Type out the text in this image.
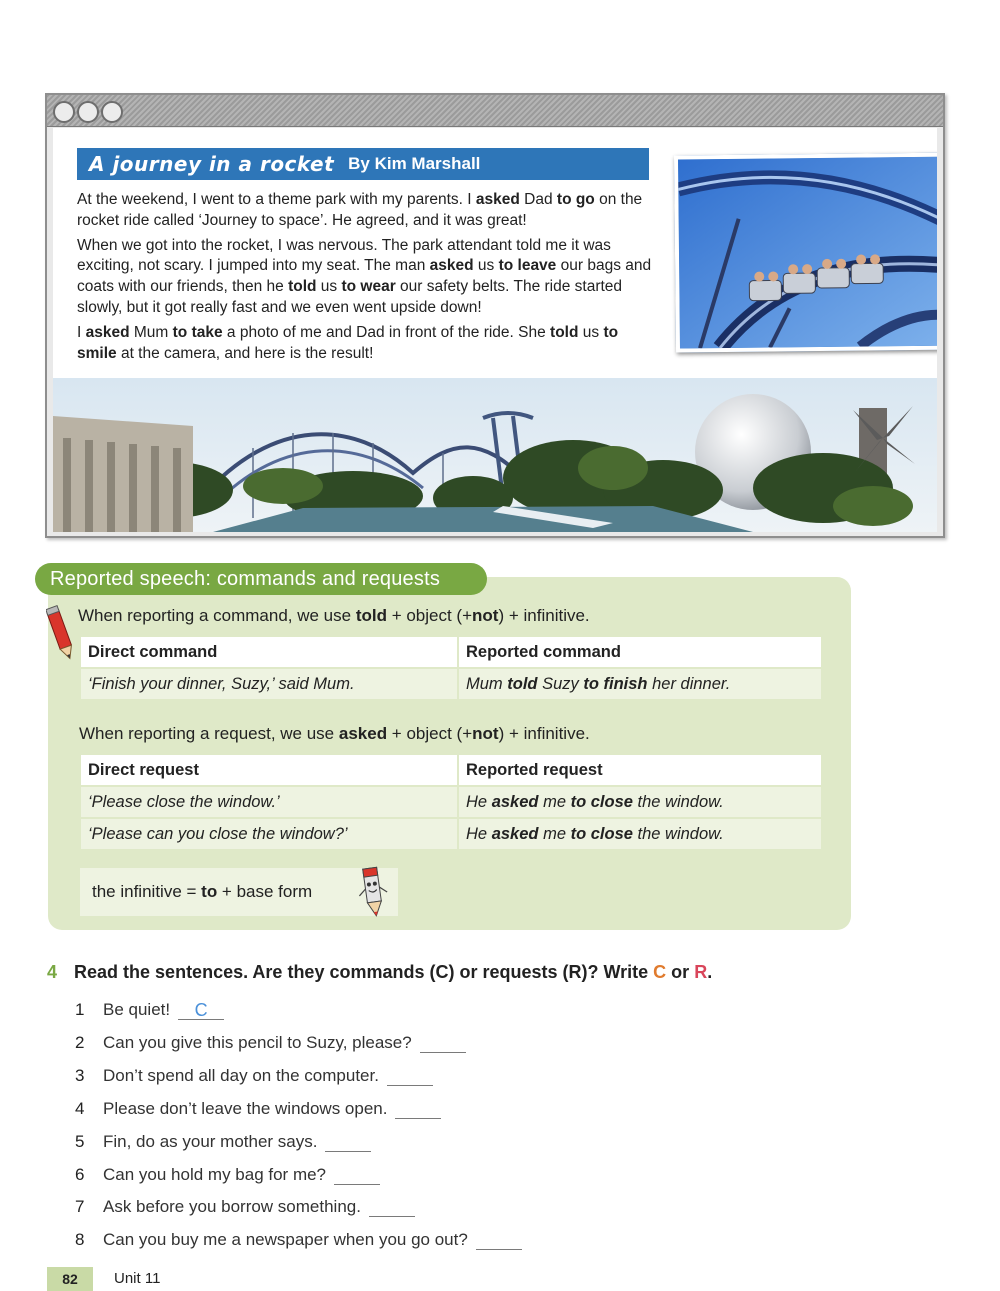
A journey in a rocket By Kim Marshall

At the weekend, I went to a theme park with my parents. I asked Dad to go on the rocket ride called ‘Journey to space’. He agreed, and it was great!

When we got into the rocket, I was nervous. The park attendant told me it was exciting, not scary. I jumped into my seat. The man asked us to leave our bags and coats with our friends, then he told us to wear our safety belts. The ride started slowly, but it got really fast and we even went upside down!

I asked Mum to take a photo of me and Dad in front of the ride. She told us to smile at the camera, and here is the result!

Reported speech: commands and requests
When reporting a command, we use told + object (+not) + infinitive.
Direct command	Reported command
‘Finish your dinner, Suzy,’ said Mum.	Mum told Suzy to finish her dinner.
When reporting a request, we use asked + object (+not) + infinitive.
Direct request	Reported request
‘Please close the window.’	He asked me to close the window.
‘Please can you close the window?’	He asked me to close the window.
the infinitive = to + base form
4 Read the sentences. Are they commands (C) or requests (R)? Write C or R.
1	Be quiet!	C
2	Can you give this pencil to Suzy, please?
3	Don’t spend all day on the computer.
4	Please don’t leave the windows open.
5	Fin, do as your mother says.
6	Can you hold my bag for me?
7	Ask before you borrow something.
8	Can you buy me a newspaper when you go out?
82	Unit 11
